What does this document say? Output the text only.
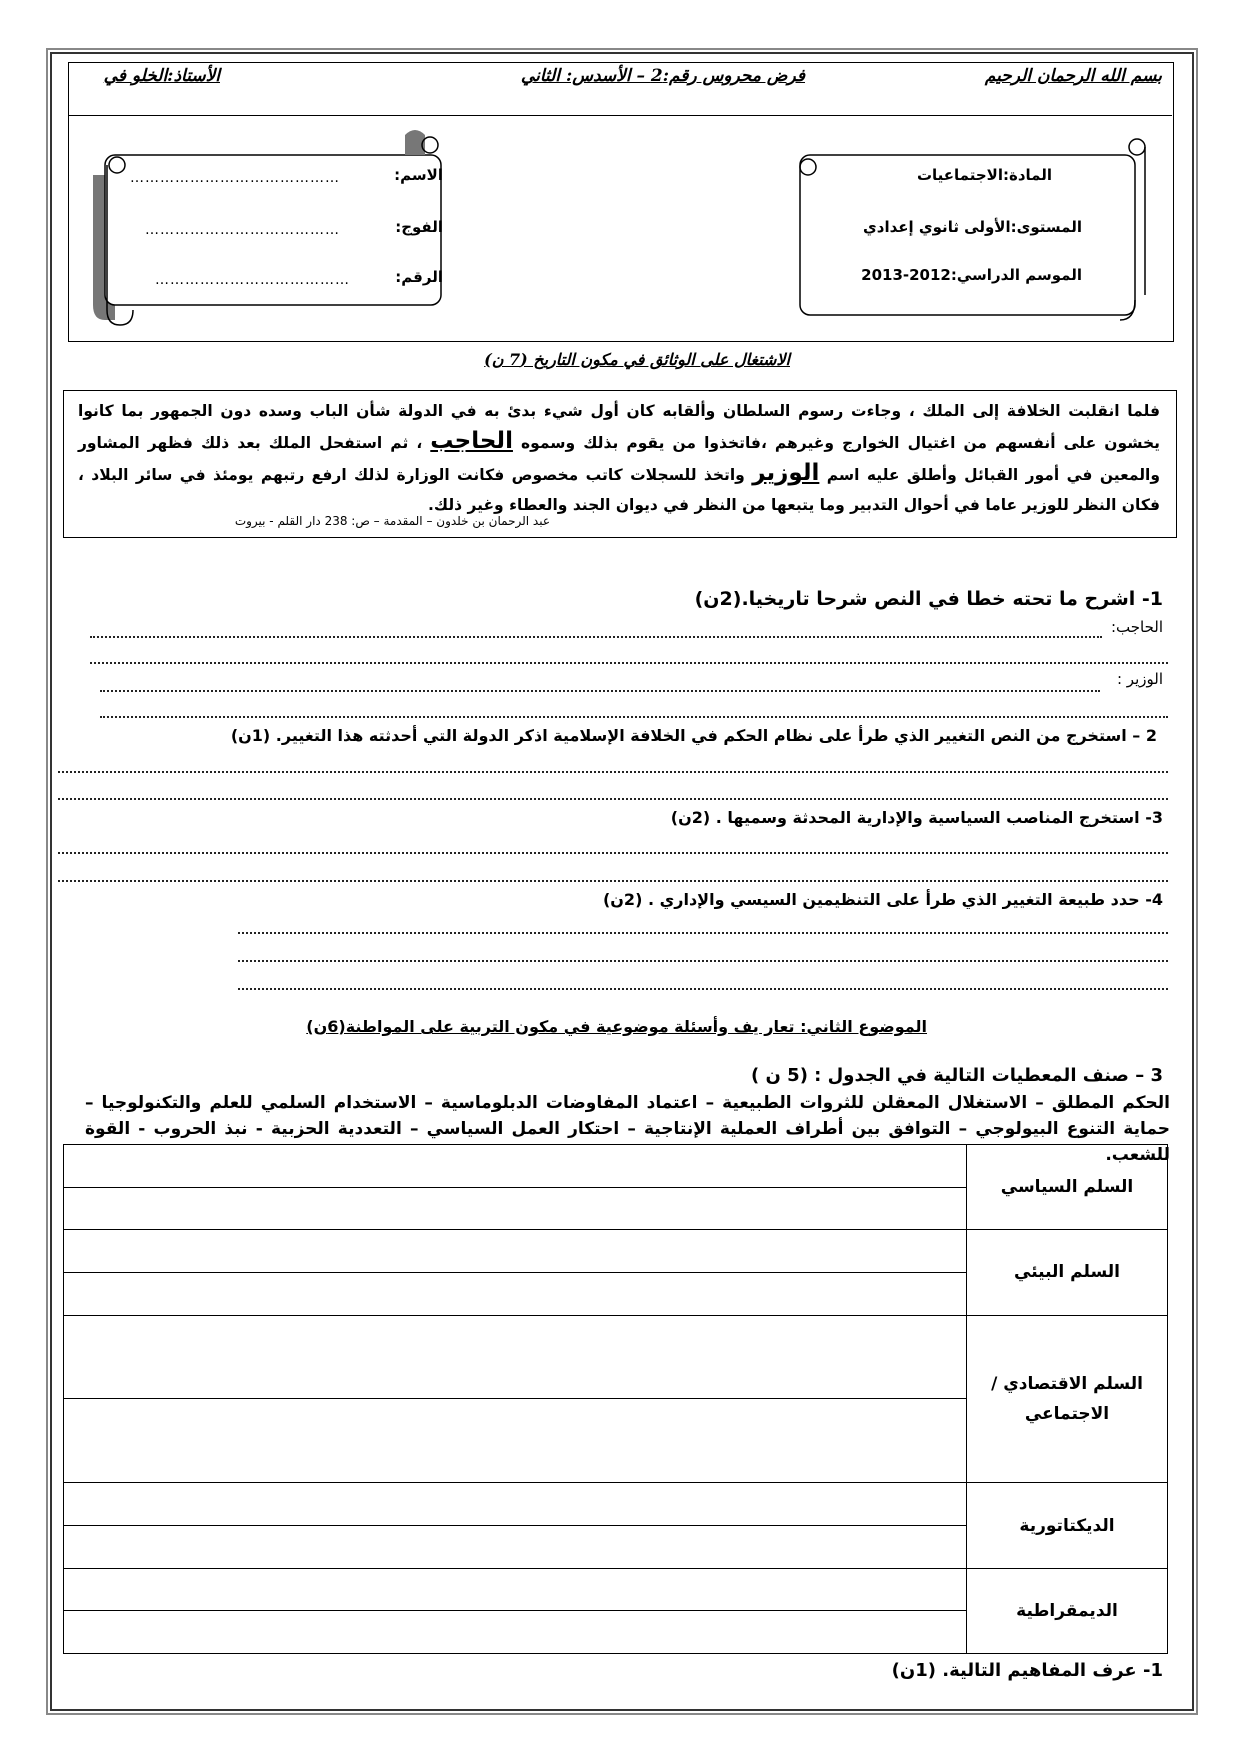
بسم الله الرحمان الرحيم
فرض محروس رقم:2 – الأسدس: الثاني
الأستاذ:الخلو في
الاسم:
……………………………………
الفوج:
…………………………………
الرقم:
…………………………………
المادة:الاجتماعيات
المستوى:الأولى ثانوي إعدادي
الموسم الدراسي:2012-2013
الاشتغال على الوثائق في مكون التاريخ (7 ن)
فلما انقلبت الخلافة إلى الملك ، وجاءت رسوم السلطان وألقابه كان أول شيء بدئ به في الدولة شأن الباب وسده دون الجمهور بما كانوا يخشون على أنفسهم من اغتيال الخوارج وغيرهم ،فاتخذوا من يقوم بذلك وسموه الحاجب ، ثم استفحل الملك بعد ذلك فظهر المشاور والمعين في أمور القبائل وأطلق عليه اسم الوزير واتخذ للسجلات كاتب مخصوص فكانت الوزارة لذلك ارفع رتبهم يومئذ في سائر البلاد ، فكان النظر للوزير عاما في أحوال التدبير وما يتبعها من النظر في ديوان الجند والعطاء وغير ذلك.
عبد الرحمان بن خلدون – المقدمة – ص: 238 دار القلم - بيروت
1- اشرح ما تحته خطا في النص شرحا تاريخيا.(2ن)
الحاجب:
الوزير :
2 – استخرج من النص التغيير الذي طرأ على نظام الحكم في الخلافة الإسلامية اذكر الدولة التي أحدثته هذا التغيير. (1ن)
3- استخرج المناصب السياسية والإدارية المحدثة وسميها . (2ن)
4- حدد طبيعة التغيير الذي طرأ على التنظيمين السيسي والإداري . (2ن)
الموضوع الثاني: تعار يف وأسئلة موضوعية في مكون التربية على المواطنة(6ن)
3 – صنف المعطيات التالية في الجدول : (5 ن )
الحكم المطلق – الاستغلال المعقلن للثروات الطبيعية – اعتماد المفاوضات الدبلوماسية – الاستخدام السلمي للعلم والتكنولوجيا – حماية التنوع البيولوجي – التوافق بين أطراف العملية الإنتاجية – احتكار العمل السياسي – التعددية الحزبية - نبذ الحروب - القوة للشعب.
	السلم السياسي

	السلم البيئي

	السلم الاقتصادي / الاجتماعي

	الديكتاتورية

	الديمقراطية

1- عرف المفاهيم التالية. (1ن)
